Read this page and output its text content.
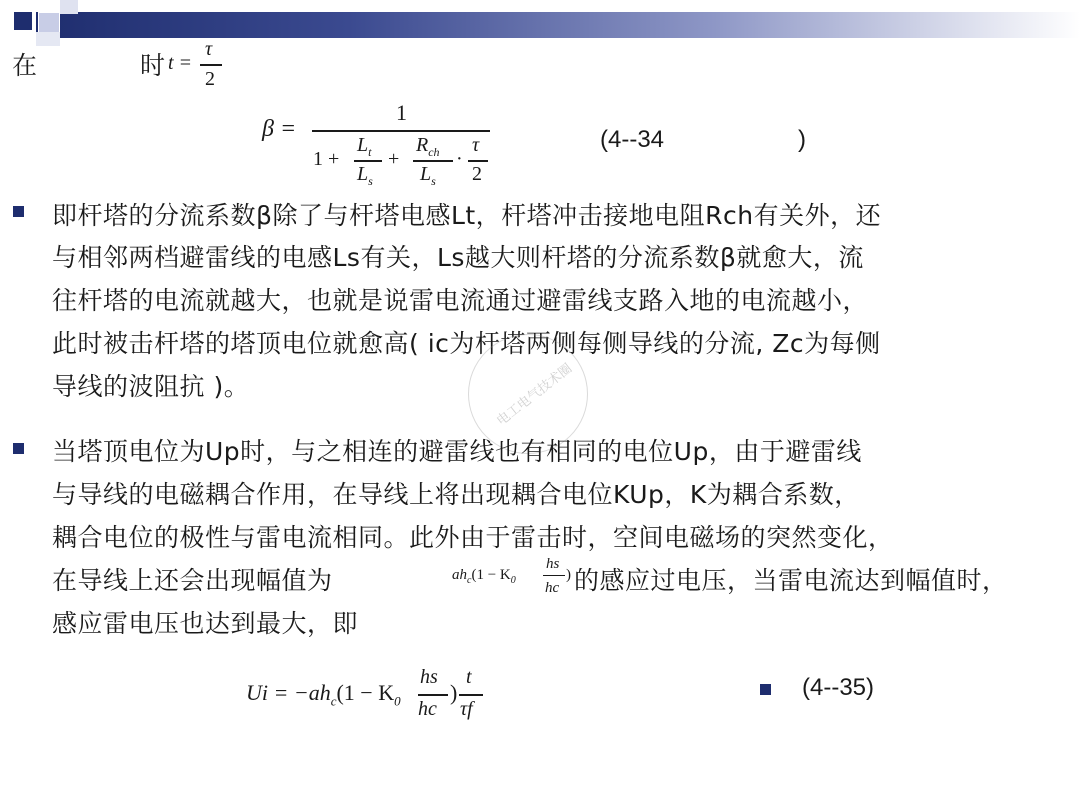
在	时 t =
τ
2
β =
1
1 +
$L_t$
$L_s$
+
$R_{ch}$
$L_s$
·
τ
2
(4--34	)
即杆塔的分流系数β除了与杆塔电感Lt，杆塔冲击接地电阻Rch有关外，还
与相邻两档避雷线的电感Ls有关，Ls越大则杆塔的分流系数β就愈大，流
往杆塔的电流就越大，也就是说雷电流通过避雷线支路入地的电流越小，
此时被击杆塔的塔顶电位就愈高( ic为杆塔两侧每侧导线的分流, Zc为每侧
导线的波阻抗 )。	电工电气技术圈
当塔顶电位为Up时，与之相连的避雷线也有相同的电位Up，由于避雷线
与导线的电磁耦合作用，在导线上将出现耦合电位KUp，K为耦合系数，
耦合电位的极性与雷电流相同。此外由于雷击时，空间电磁场的突然变化，
在导线上还会出现幅值为	$ah_c(1 - K_0$
hs
hc
) 的感应过电压，当雷电流达到幅值时，
感应雷电压也达到最大，即
$Ui = -ah_c(1 - K_0$
hs
hc
)
t
τf
(4--35)
